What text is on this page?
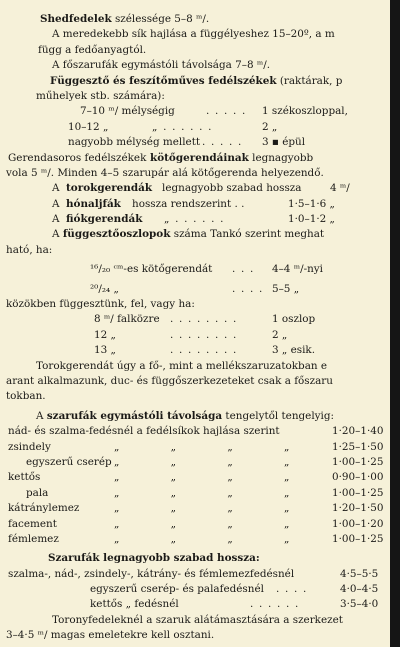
Shedfedelek szélessége 5–8 ᵐ/.
A meredekebb sík hajlása a függélyeshez 15–20º, a m
függ a fedőanyagtól.
A főszarufák egymástóli távolsága 7–8 ᵐ/.
Függesztő és feszítőműves fedélszékek (raktárak, p
műhelyek stb. számára):
7–10 ᵐ/ mélységig	. . . . . 1 székoszloppal,
10–12 „	„ . . . . . .	2 „
nagyobb mélység mellett . . . . . 3 ▪ épül
Gerendasoros fedélszékek kötőgerendáinak legnagyobb
vola 5 ᵐ/. Minden 4–5 szarupár alá kötőgerenda helyezendő.
A torokgerendák legnagyobb szabad hossza	4 ᵐ/
A hónaljfák hossza rendszerint . .	1·5–1·6 „
A fiókgerendák „ . . . . . .	1·0–1·2 „
A függesztőoszlopok száma Tankó szerint meghat
ható, ha:
¹⁶/₂₀ ᶜᵐ-es kötőgerendát . . . 4–4 ᵐ/-nyi
²⁰/₂₄ „	. . . . 5–5 „
közökben függesztünk, fel, vagy ha:
8 ᵐ/ falközre . . . . . . . .	1 oszlop
12 „	. . . . . . . .	2 „
13 „	. . . . . . . .	3 „ esik.
Torokgerendát úgy a fő-, mint a mellékszaruzatokban e
arant alkalmazunk, duc- és függőszerkezeteket csak a főszaru
tokban.
A szarufák egymástóli távolsága tengelytől tengelyig:
nád- és szalma-fedésnél a fedélsíkok hajlása szerint	1·20–1·40
zsindely	„ „ „ „	1·25–1·50
egyszerű cserép „ „ „ „	1·00–1·25
kettős	„ „ „ „	0·90–1·00
pala	„ „ „ „	1·00–1·25
kátránylemez	„ „ „ „	1·20–1·50
facement	„ „ „ „	1·00–1·20
fémlemez	„ „ „ „	1·00–1·25
Szarufák legnagyobb szabad hossza:
szalma-, nád-, zsindely-, kátrány- és fémlemezfedésnél	4·5–5·5
egyszerű cserép- és palafedésnél . . . .	4·0–4·5
kettős „ fedésnél	. . . . . .	3·5–4·0
Toronyfedeleknél a szaruk alátámasztására a szerkezet
3–4·5 ᵐ/ magas emeletekre kell osztani.
